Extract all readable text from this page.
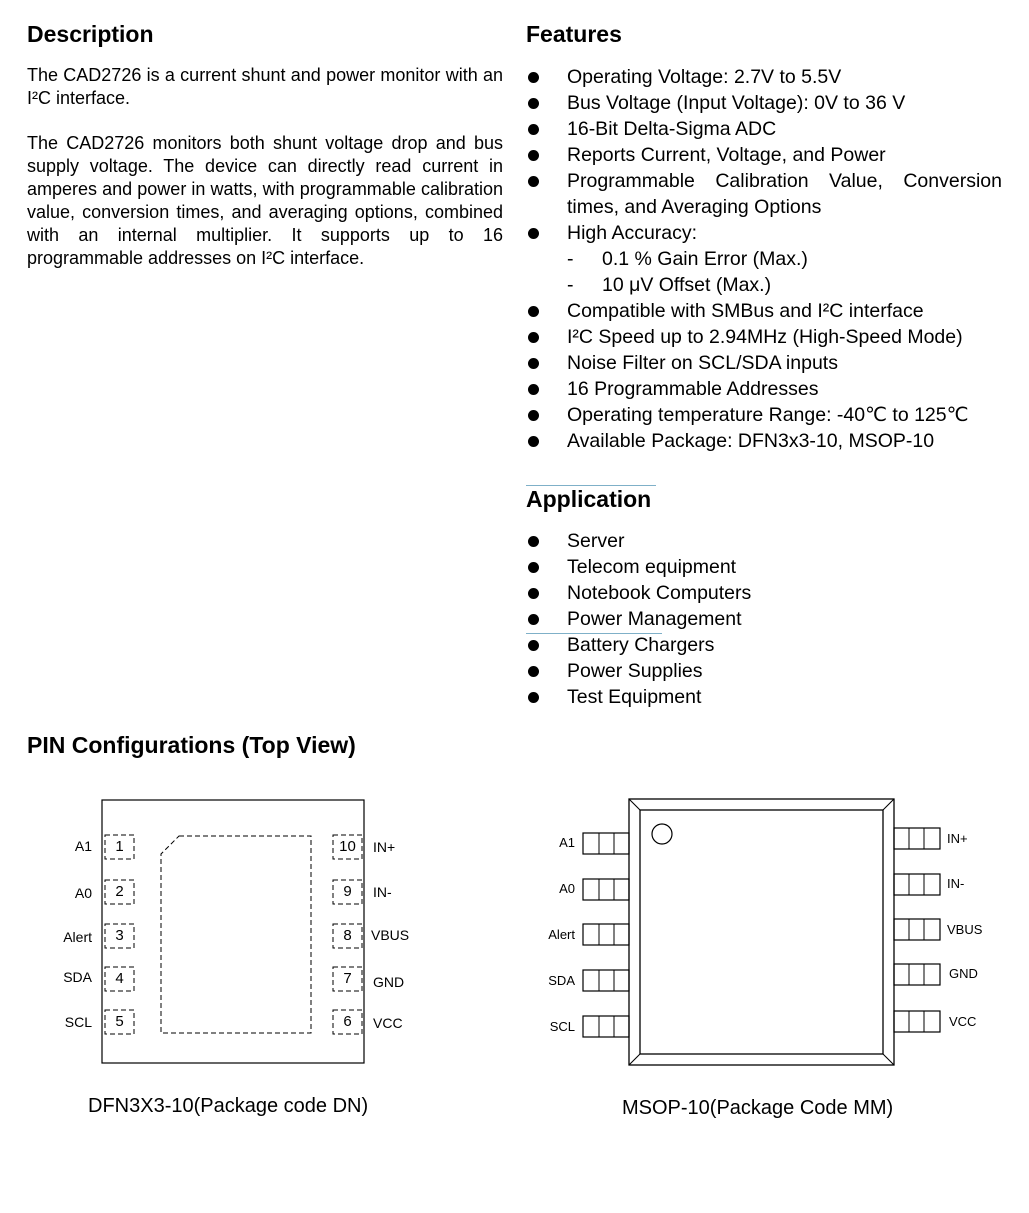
Description

The CAD2726 is a current shunt and power monitor with an I²C interface.

The CAD2726 monitors both shunt voltage drop and bus supply voltage. The device can directly read current in amperes and power in watts, with programmable calibration value, conversion times, and averaging options, combined with an internal multiplier. It supports up to 16 programmable addresses on I²C interface.

Features
Operating Voltage: 2.7V to 5.5V
Bus Voltage (Input Voltage): 0V to 36 V
16-Bit Delta-Sigma ADC
Reports Current, Voltage, and Power
Programmable Calibration Value, Conversion times, and Averaging Options
High Accuracy:
- 0.1 % Gain Error (Max.)
- 10 μV Offset (Max.)
Compatible with SMBus and I²C interface
I²C Speed up to 2.94MHz (High-Speed Mode)
Noise Filter on SCL/SDA inputs
16 Programmable Addresses
Operating temperature Range: -40℃ to 125℃
Available Package: DFN3x3-10, MSOP-10
Application
Server
Telecom equipment
Notebook Computers
Power Management
Battery Chargers
Power Supplies
Test Equipment
PIN Configurations (Top View)
A1
A0
Alert
SDA
SCL
1
2
3
4
5
10
9
8
7
6
IN+
IN-
VBUS
GND
VCC
DFN3X3-10(Package code DN)
A1
A0
Alert
SDA
SCL
IN+
IN-
VBUS
GND
VCC
MSOP-10(Package Code MM)
